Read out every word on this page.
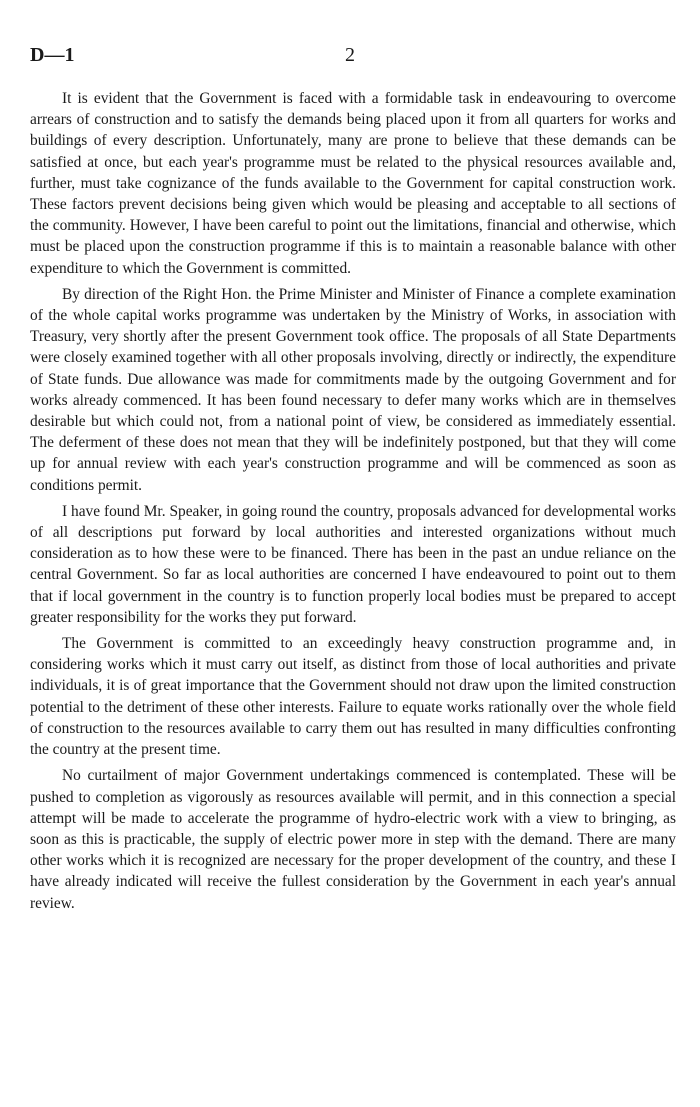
D—1	2

It is evident that the Government is faced with a formidable task in endeavouring to overcome arrears of construction and to satisfy the demands being placed upon it from all quarters for works and buildings of every description. Unfortunately, many are prone to believe that these demands can be satisfied at once, but each year's programme must be related to the physical resources available and, further, must take cognizance of the funds available to the Government for capital construction work. These factors prevent decisions being given which would be pleasing and acceptable to all sections of the community. However, I have been careful to point out the limitations, financial and otherwise, which must be placed upon the construction programme if this is to maintain a reasonable balance with other expenditure to which the Government is committed.

By direction of the Right Hon. the Prime Minister and Minister of Finance a complete examination of the whole capital works programme was undertaken by the Ministry of Works, in association with Treasury, very shortly after the present Government took office. The proposals of all State Departments were closely examined together with all other proposals involving, directly or indirectly, the expenditure of State funds. Due allowance was made for commitments made by the outgoing Government and for works already commenced. It has been found necessary to defer many works which are in themselves desirable but which could not, from a national point of view, be considered as immediately essential. The deferment of these does not mean that they will be indefinitely postponed, but that they will come up for annual review with each year's construction programme and will be commenced as soon as conditions permit.

I have found Mr. Speaker, in going round the country, proposals advanced for developmental works of all descriptions put forward by local authorities and interested organizations without much consideration as to how these were to be financed. There has been in the past an undue reliance on the central Government. So far as local authorities are concerned I have endeavoured to point out to them that if local government in the country is to function properly local bodies must be prepared to accept greater responsibility for the works they put forward.

The Government is committed to an exceedingly heavy construction programme and, in considering works which it must carry out itself, as distinct from those of local authorities and private individuals, it is of great importance that the Government should not draw upon the limited construction potential to the detriment of these other interests. Failure to equate works rationally over the whole field of construction to the resources available to carry them out has resulted in many difficulties confronting the country at the present time.

No curtailment of major Government undertakings commenced is contemplated. These will be pushed to completion as vigorously as resources available will permit, and in this connection a special attempt will be made to accelerate the programme of hydro-electric work with a view to bringing, as soon as this is practicable, the supply of electric power more in step with the demand. There are many other works which it is recognized are necessary for the proper development of the country, and these I have already indicated will receive the fullest consideration by the Government in each year's annual review.
